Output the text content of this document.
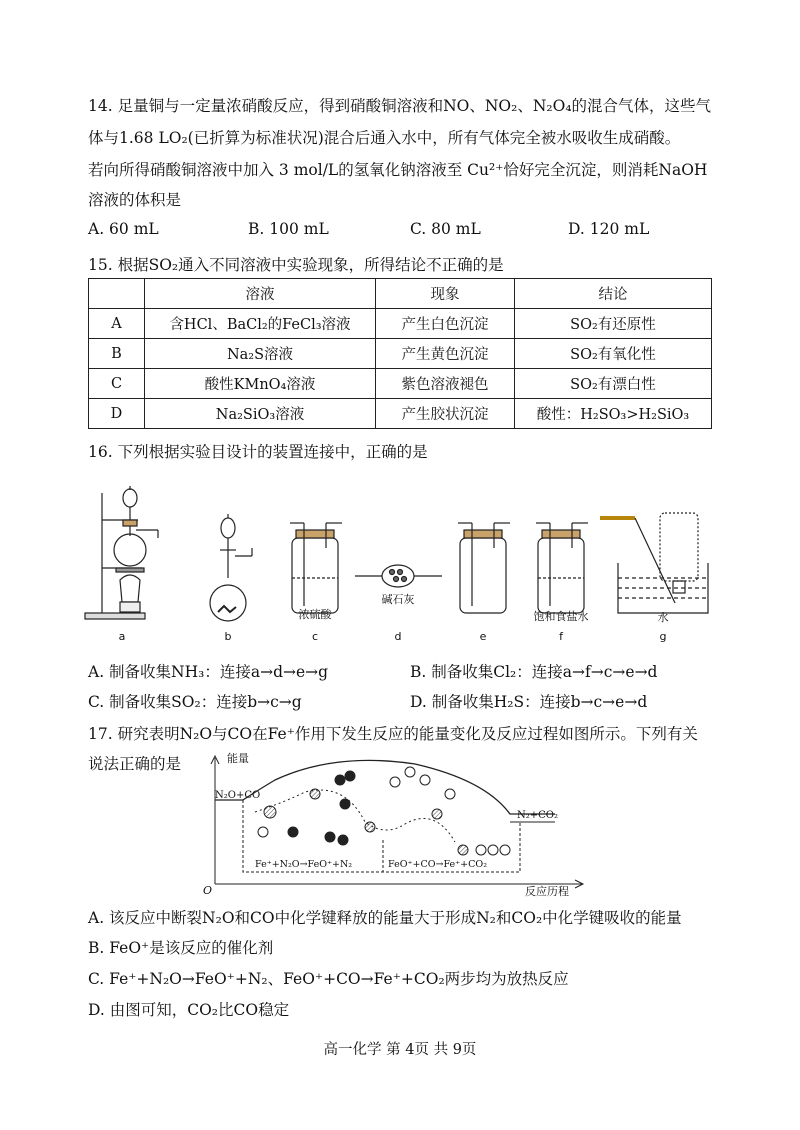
14. 足量铜与一定量浓硝酸反应，得到硝酸铜溶液和NO、NO₂、N₂O₄的混合气体，这些气
体与1.68 LO₂(已折算为标准状况)混合后通入水中，所有气体完全被水吸收生成硝酸。
若向所得硝酸铜溶液中加入 3 mol/L的氢氧化钠溶液至 Cu²⁺恰好完全沉淀，则消耗NaOH
溶液的体积是
A. 60 mL	B. 100 mL	C. 80 mL	D. 120 mL
15. 根据SO₂通入不同溶液中实验现象，所得结论不正确的是
	溶液	现象	结论
A	含HCl、BaCl₂的FeCl₃溶液	产生白色沉淀	SO₂有还原性
B	Na₂S溶液	产生黄色沉淀	SO₂有氧化性
C	酸性KMnO₄溶液	紫色溶液褪色	SO₂有漂白性
D	Na₂SiO₃溶液	产生胶状沉淀	酸性：H₂SO₃>H₂SiO₃
16. 下列根据实验目设计的装置连接中，正确的是
浓硫酸
碱石灰
饱和食盐水	水
a	b	c	d	e	f	g
A. 制备收集NH₃：连接a→d→e→g	B. 制备收集Cl₂：连接a→f→c→e→d
C. 制备收集SO₂：连接b→c→g	D. 制备收集H₂S：连接b→c→e→d
17. 研究表明N₂O与CO在Fe⁺作用下发生反应的能量变化及反应过程如图所示。下列有关
说法正确的是	能量
N₂O+CO
N₂+CO₂
Fe⁺+N₂O→FeO⁺+N₂	FeO⁺+CO→Fe⁺+CO₂
O	反应历程
A. 该反应中断裂N₂O和CO中化学键释放的能量大于形成N₂和CO₂中化学键吸收的能量
B. FeO⁺是该反应的催化剂
C. Fe⁺+N₂O→FeO⁺+N₂、FeO⁺+CO→Fe⁺+CO₂两步均为放热反应
D. 由图可知，CO₂比CO稳定
高一化学 第 4页 共 9页
